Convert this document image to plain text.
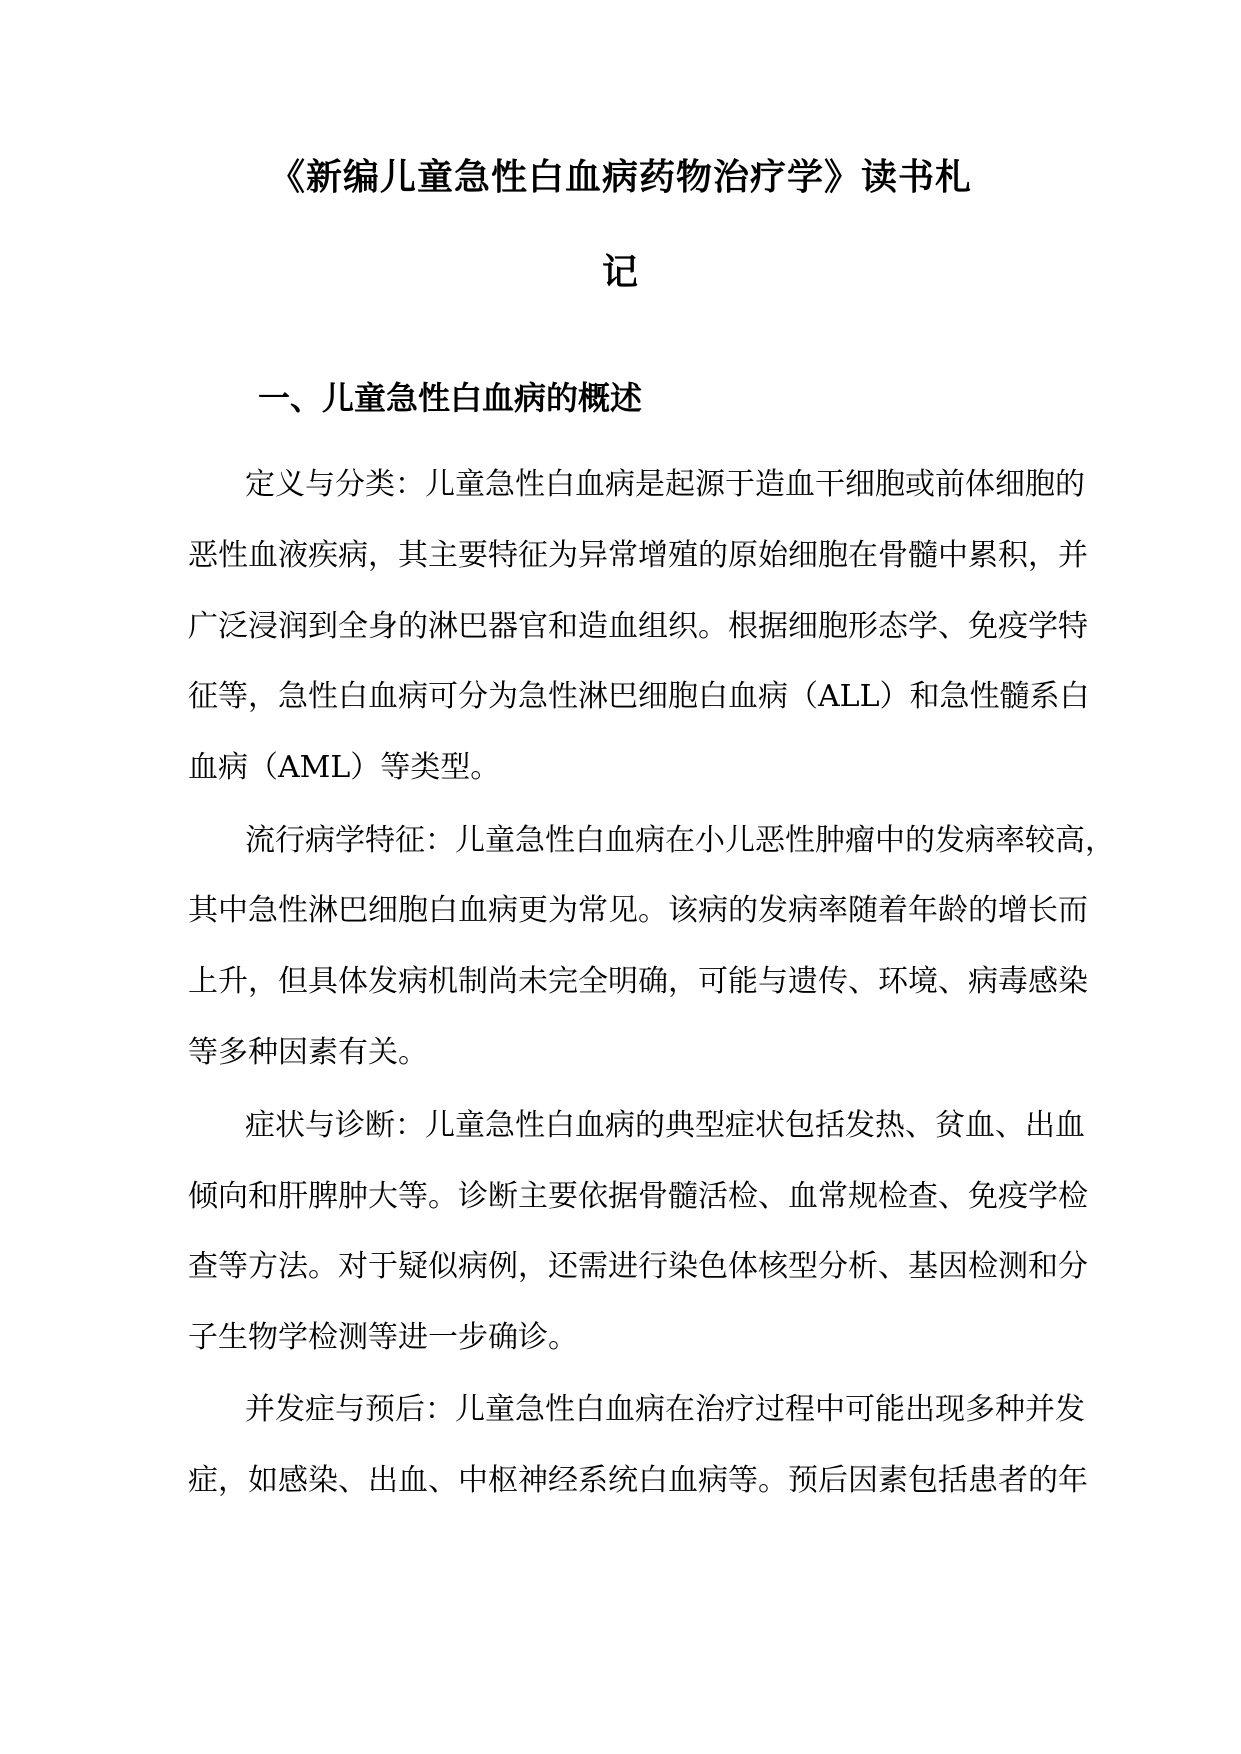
《新编儿童急性白血病药物治疗学》读书札
记
一、儿童急性白血病的概述

定义与分类：儿童急性白血病是起源于造血干细胞或前体细胞的

恶性血液疾病，其主要特征为异常增殖的原始细胞在骨髓中累积，并

广泛浸润到全身的淋巴器官和造血组织。根据细胞形态学、免疫学特

征等，急性白血病可分为急性淋巴细胞白血病（ALL）和急性髓系白

血病（AML）等类型。

流行病学特征：儿童急性白血病在小儿恶性肿瘤中的发病率较高，

其中急性淋巴细胞白血病更为常见。该病的发病率随着年龄的增长而

上升，但具体发病机制尚未完全明确，可能与遗传、环境、病毒感染

等多种因素有关。

症状与诊断：儿童急性白血病的典型症状包括发热、贫血、出血

倾向和肝脾肿大等。诊断主要依据骨髓活检、血常规检查、免疫学检

查等方法。对于疑似病例，还需进行染色体核型分析、基因检测和分

子生物学检测等进一步确诊。

并发症与预后：儿童急性白血病在治疗过程中可能出现多种并发

症，如感染、出血、中枢神经系统白血病等。预后因素包括患者的年
